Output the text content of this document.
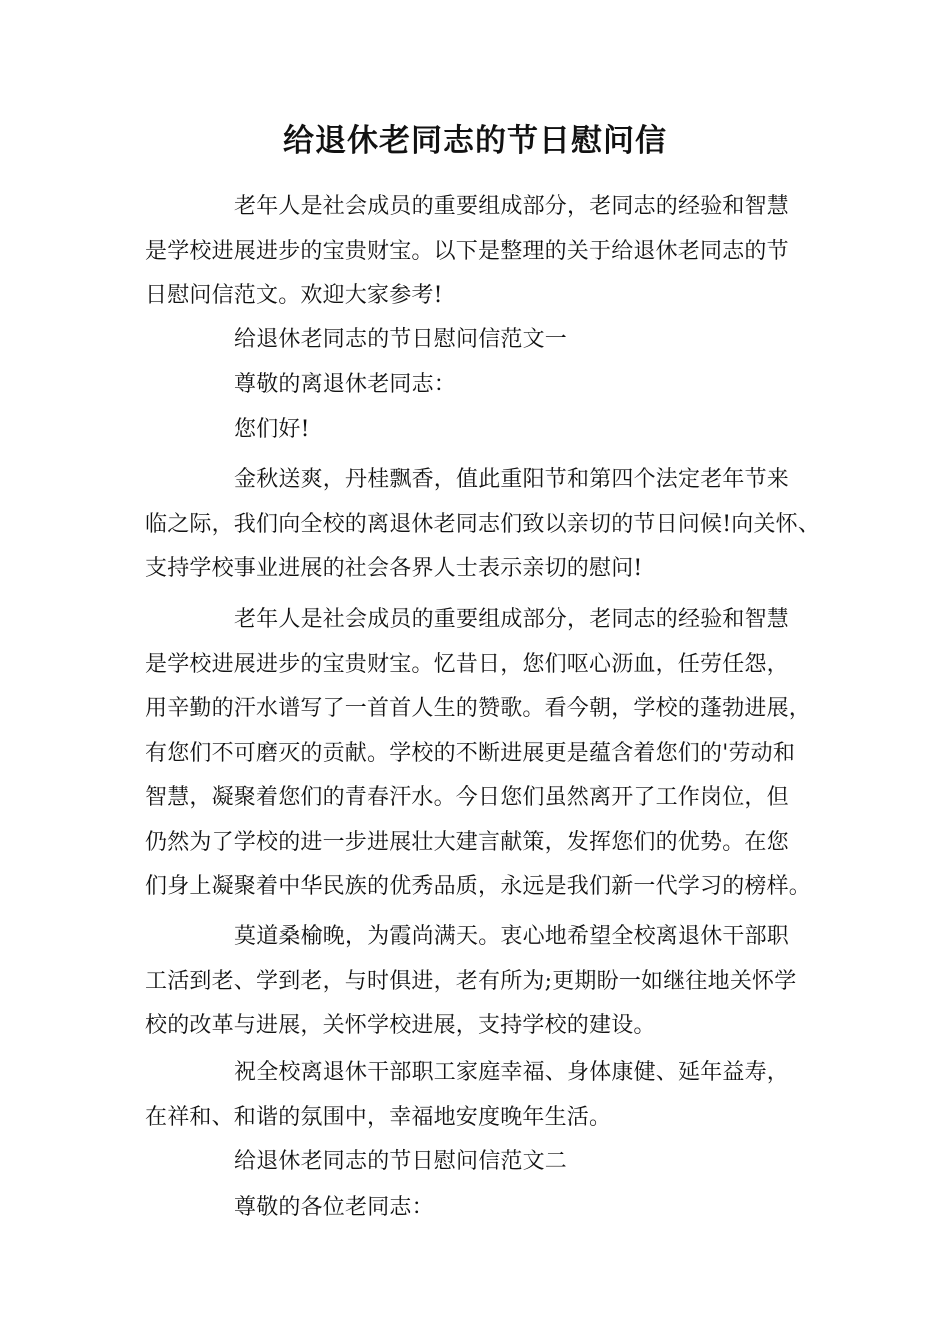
给退休老同志的节日慰问信

老年人是社会成员的重要组成部分，老同志的经验和智慧
是学校进展进步的宝贵财宝。以下是整理的关于给退休老同志的节
日慰问信范文。欢迎大家参考!

给退休老同志的节日慰问信范文一

尊敬的离退休老同志：

您们好!

金秋送爽，丹桂飘香，值此重阳节和第四个法定老年节来
临之际，我们向全校的离退休老同志们致以亲切的节日问候!向关怀、
支持学校事业进展的社会各界人士表示亲切的慰问!

老年人是社会成员的重要组成部分，老同志的经验和智慧
是学校进展进步的宝贵财宝。忆昔日，您们呕心沥血，任劳任怨，
用辛勤的汗水谱写了一首首人生的赞歌。看今朝，学校的蓬勃进展，
有您们不可磨灭的贡献。学校的不断进展更是蕴含着您们的'劳动和
智慧，凝聚着您们的青春汗水。今日您们虽然离开了工作岗位，但
仍然为了学校的进一步进展壮大建言献策，发挥您们的优势。在您
们身上凝聚着中华民族的优秀品质，永远是我们新一代学习的榜样。

莫道桑榆晚，为霞尚满天。衷心地希望全校离退休干部职
工活到老、学到老，与时俱进，老有所为;更期盼一如继往地关怀学
校的改革与进展，关怀学校进展，支持学校的建设。

祝全校离退休干部职工家庭幸福、身体康健、延年益寿，
在祥和、和谐的氛围中，幸福地安度晚年生活。

给退休老同志的节日慰问信范文二

尊敬的各位老同志：
